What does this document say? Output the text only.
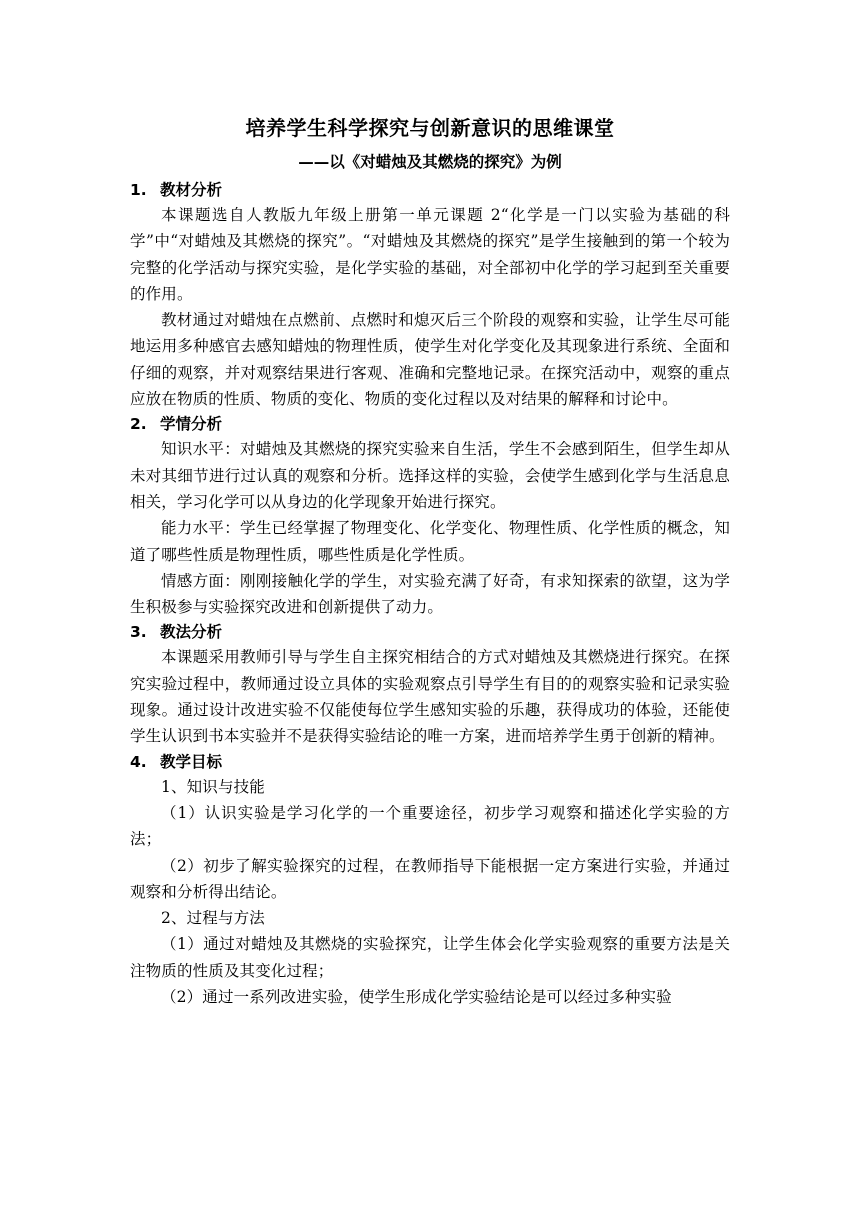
培养学生科学探究与创新意识的思维课堂
——以《对蜡烛及其燃烧的探究》为例
1. 教材分析
本课题选自人教版九年级上册第一单元课题 2“化学是一门以实验为基础的科学”中“对蜡烛及其燃烧的探究”。“对蜡烛及其燃烧的探究”是学生接触到的第一个较为完整的化学活动与探究实验，是化学实验的基础，对全部初中化学的学习起到至关重要的作用。
教材通过对蜡烛在点燃前、点燃时和熄灭后三个阶段的观察和实验，让学生尽可能地运用多种感官去感知蜡烛的物理性质，使学生对化学变化及其现象进行系统、全面和仔细的观察，并对观察结果进行客观、准确和完整地记录。在探究活动中，观察的重点应放在物质的性质、物质的变化、物质的变化过程以及对结果的解释和讨论中。
2. 学情分析
知识水平：对蜡烛及其燃烧的探究实验来自生活，学生不会感到陌生，但学生却从未对其细节进行过认真的观察和分析。选择这样的实验，会使学生感到化学与生活息息相关，学习化学可以从身边的化学现象开始进行探究。
能力水平：学生已经掌握了物理变化、化学变化、物理性质、化学性质的概念，知道了哪些性质是物理性质，哪些性质是化学性质。
情感方面：刚刚接触化学的学生，对实验充满了好奇，有求知探索的欲望，这为学生积极参与实验探究改进和创新提供了动力。
3. 教法分析
本课题采用教师引导与学生自主探究相结合的方式对蜡烛及其燃烧进行探究。在探究实验过程中，教师通过设立具体的实验观察点引导学生有目的的观察实验和记录实验现象。通过设计改进实验不仅能使每位学生感知实验的乐趣，获得成功的体验，还能使学生认识到书本实验并不是获得实验结论的唯一方案，进而培养学生勇于创新的精神。
4. 教学目标
1、知识与技能
（1）认识实验是学习化学的一个重要途径，初步学习观察和描述化学实验的方法；
（2）初步了解实验探究的过程，在教师指导下能根据一定方案进行实验，并通过观察和分析得出结论。
2、过程与方法
（1）通过对蜡烛及其燃烧的实验探究，让学生体会化学实验观察的重要方法是关注物质的性质及其变化过程；
（2）通过一系列改进实验，使学生形成化学实验结论是可以经过多种实验
